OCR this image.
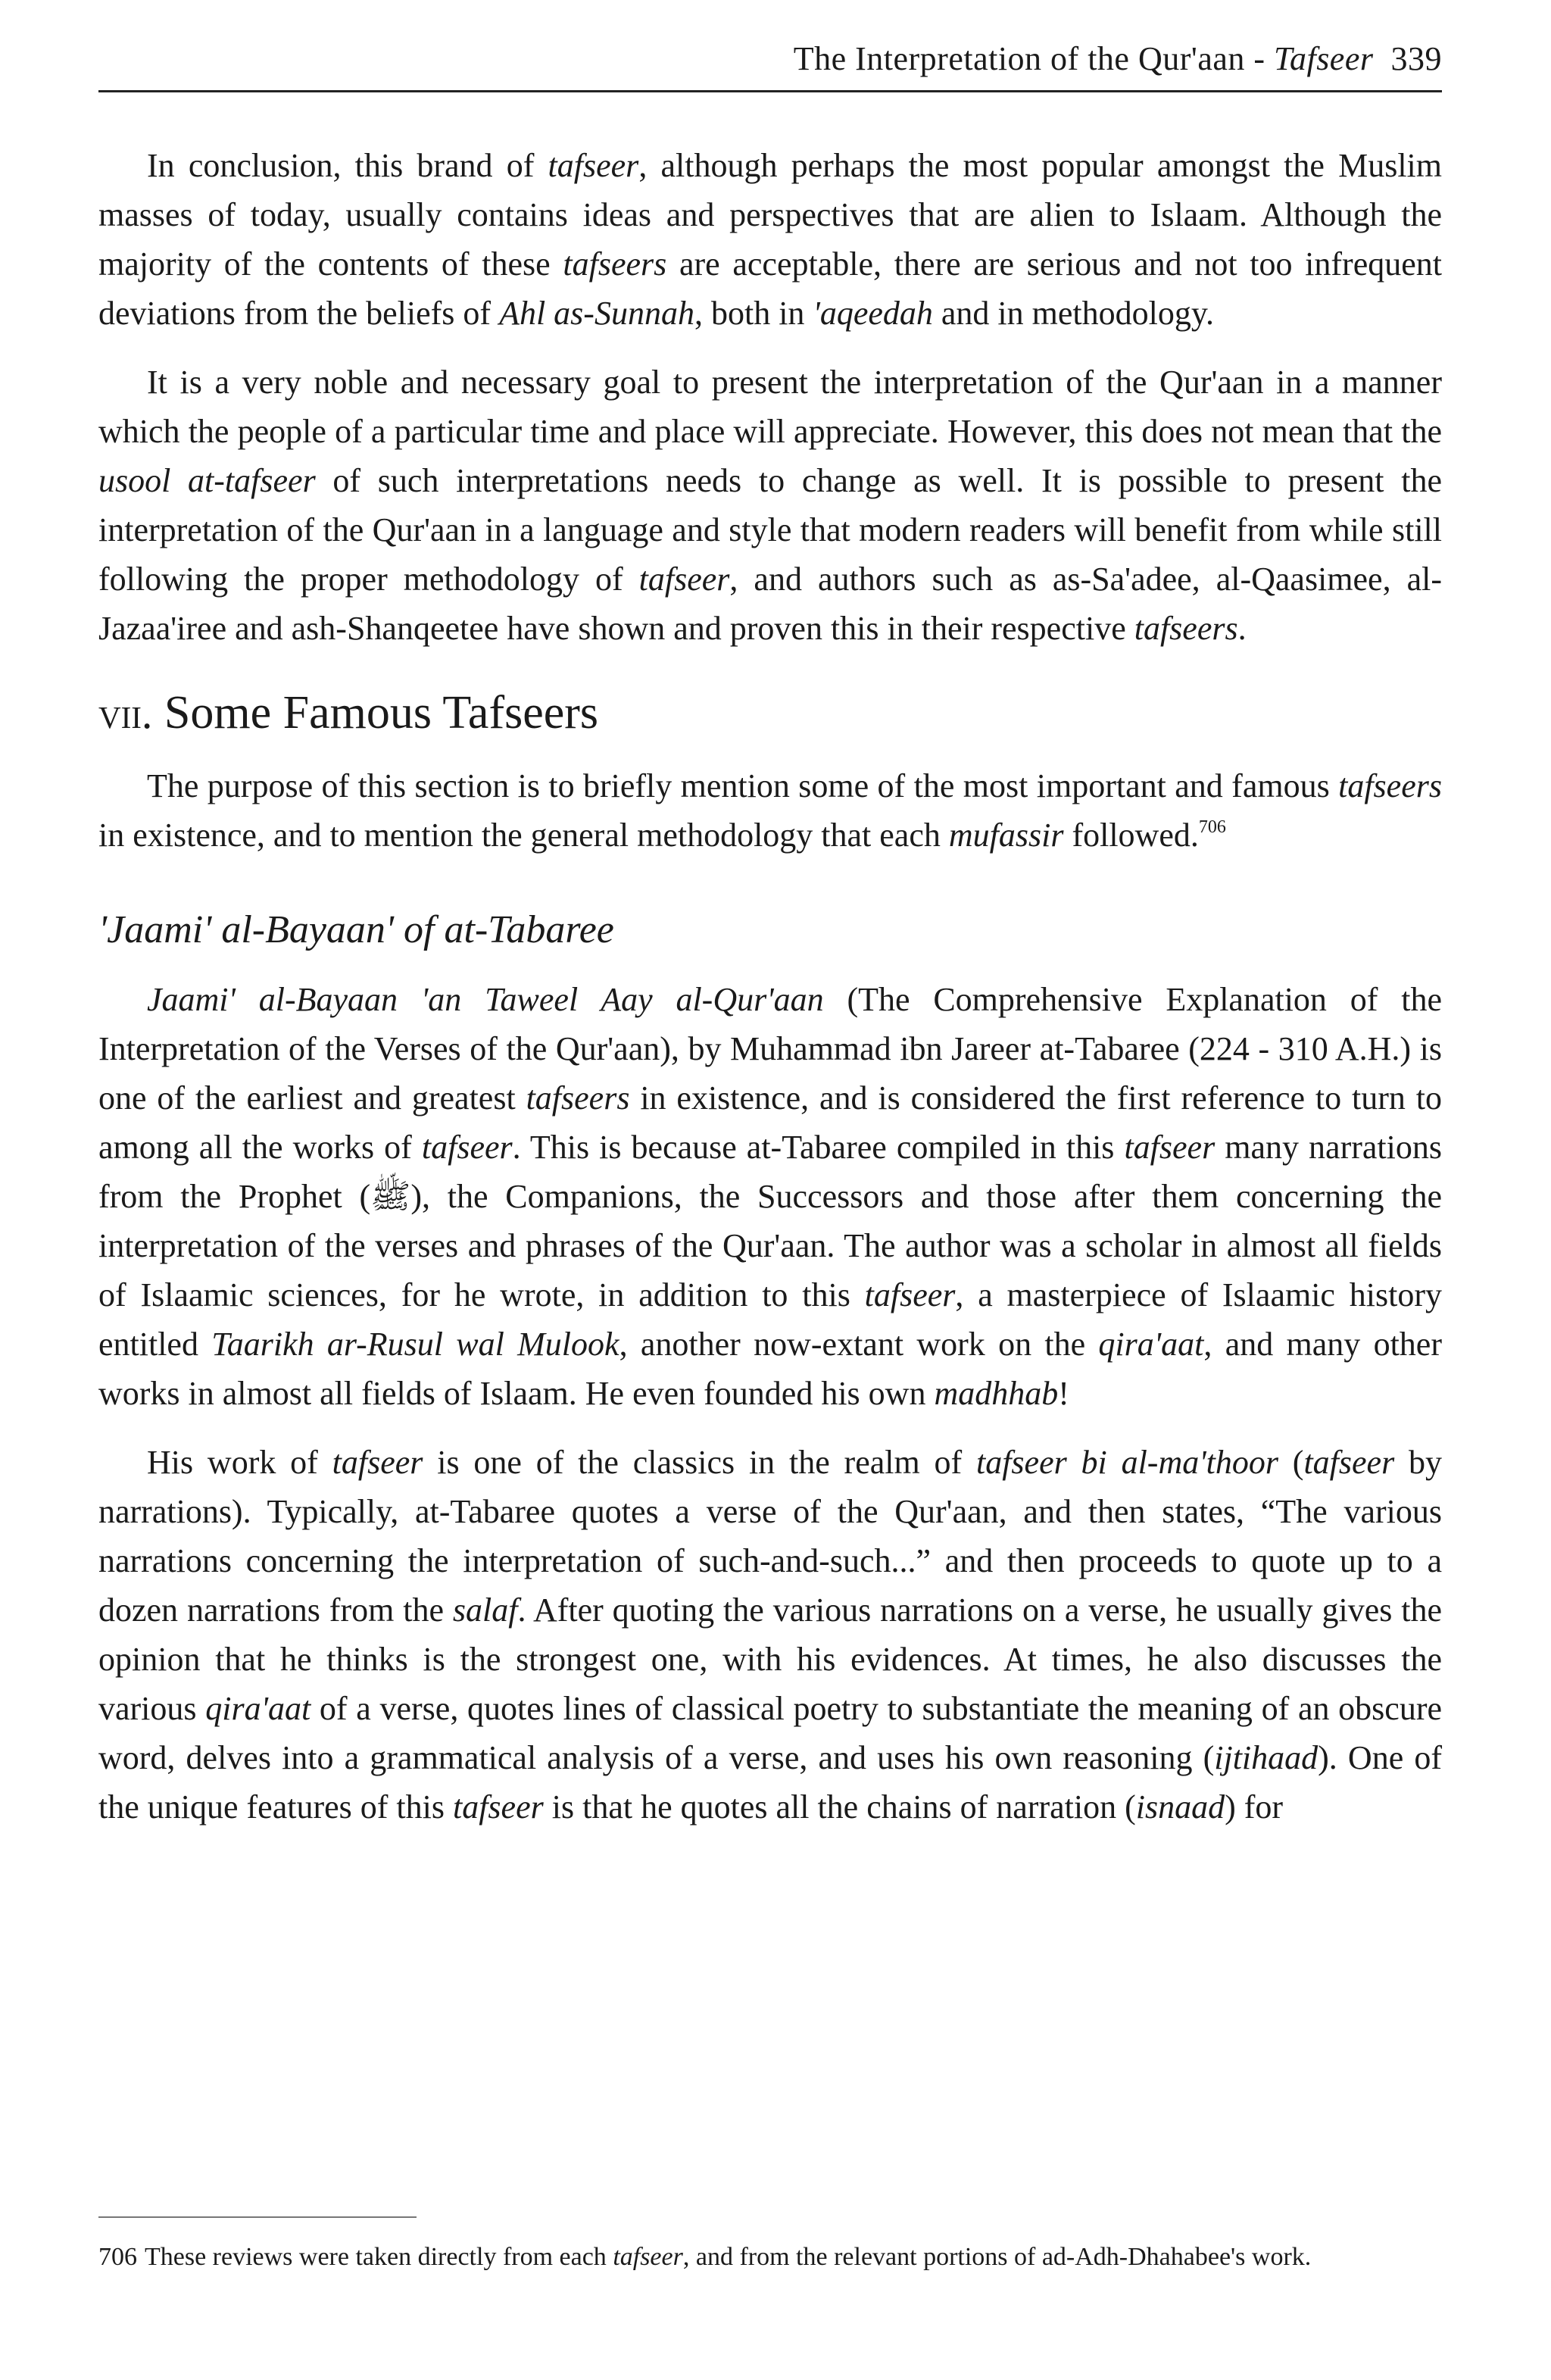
The Interpretation of the Qur'aan - Tafseer 339

In conclusion, this brand of tafseer, although perhaps the most popular amongst the Muslim masses of today, usually contains ideas and perspectives that are alien to Islaam. Although the majority of the contents of these tafseers are acceptable, there are serious and not too infrequent deviations from the beliefs of Ahl as-Sunnah, both in 'aqeedah and in methodology.

It is a very noble and necessary goal to present the interpretation of the Qur'aan in a manner which the people of a particular time and place will appreciate. However, this does not mean that the usool at-tafseer of such interpretations needs to change as well. It is possible to present the interpretation of the Qur'aan in a language and style that modern readers will benefit from while still following the proper methodology of tafseer, and authors such as as-Sa'adee, al-Qaasimee, al-Jazaa'iree and ash-Shanqeetee have shown and proven this in their respective tafseers.

vii. Some Famous Tafseers

The purpose of this section is to briefly mention some of the most important and famous tafseers in existence, and to mention the general methodology that each mufassir followed.$^{706}$

'Jaami' al-Bayaan' of at-Tabaree

Jaami' al-Bayaan 'an Taweel Aay al-Qur'aan (The Comprehensive Explanation of the Interpretation of the Verses of the Qur'aan), by Muhammad ibn Jareer at-Tabaree (224 - 310 A.H.) is one of the earliest and greatest tafseers in existence, and is considered the first reference to turn to among all the works of tafseer. This is because at-Tabaree compiled in this tafseer many narrations from the Prophet (ﷺ), the Companions, the Successors and those after them concerning the interpretation of the verses and phrases of the Qur'aan. The author was a scholar in almost all fields of Islaamic sciences, for he wrote, in addition to this tafseer, a masterpiece of Islaamic history entitled Taarikh ar-Rusul wal Mulook, another now-extant work on the qira'aat, and many other works in almost all fields of Islaam. He even founded his own madhhab!

His work of tafseer is one of the classics in the realm of tafseer bi al-ma'thoor (tafseer by narrations). Typically, at-Tabaree quotes a verse of the Qur'aan, and then states, “The various narrations concerning the interpretation of such-and-such...” and then proceeds to quote up to a dozen narrations from the salaf. After quoting the various narrations on a verse, he usually gives the opinion that he thinks is the strongest one, with his evidences. At times, he also discusses the various qira'aat of a verse, quotes lines of classical poetry to substantiate the meaning of an obscure word, delves into a grammatical analysis of a verse, and uses his own reasoning (ijtihaad). One of the unique features of this tafseer is that he quotes all the chains of narration (isnaad) for

706 These reviews were taken directly from each tafseer, and from the relevant portions of ad-Adh-Dhahabee's work.
